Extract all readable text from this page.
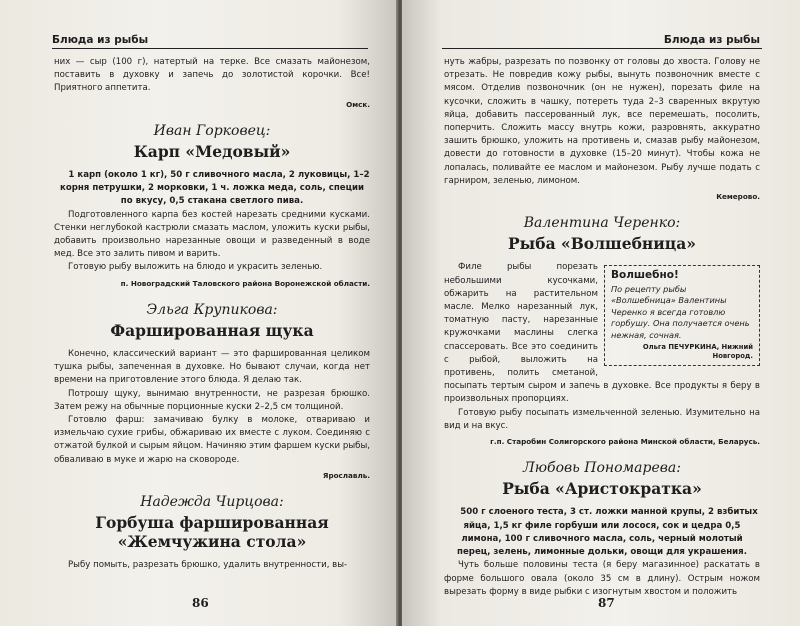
Блюда из рыбы

них — сыр (100 г), натертый на терке. Все смазать майонезом, поставить в духовку и запечь до золотистой корочки. Все! Приятного аппетита.

Омск.
Иван Горковец:
Карп «Медовый»

1 карп (около 1 кг), 50 г сливочного масла, 2 луковицы, 1–2 корня петрушки, 2 морковки, 1 ч. ложка меда, соль, специи по вкусу, 0,5 стакана светлого пива.

Подготовленного карпа без костей нарезать средними кусками. Стенки неглубокой кастрюли смазать маслом, уложить куски рыбы, добавить произвольно нарезанные овощи и разведенный в воде мед. Все это залить пивом и варить.

Готовую рыбу выложить на блюдо и украсить зеленью.

п. Новоградский Таловского района Воронежской области.
Эльга Крупикова:
Фаршированная щука

Конечно, классический вариант — это фаршированная целиком тушка рыбы, запеченная в духовке. Но бывают случаи, когда нет времени на приготовление этого блюда. Я делаю так.

Потрошу щуку, вынимаю внутренности, не разрезая брюшко. Затем режу на обычные порционные куски 2–2,5 см толщиной.

Готовлю фарш: замачиваю булку в молоке, отвариваю и измельчаю сухие грибы, обжариваю их вместе с луком. Соединяю с отжатой булкой и сырым яйцом. Начиняю этим фаршем куски рыбы, обваливаю в муке и жарю на сковороде.

Ярославль.
Надежда Чирцова:
Горбуша фаршированная «Жемчужина стола»

Рыбу помыть, разрезать брюшко, удалить внутренности, вы-

86
Блюда из рыбы

нуть жабры, разрезать по позвонку от головы до хвоста. Голову не отрезать. Не повредив кожу рыбы, вынуть позвоночник вместе с мясом. Отделив позвоночник (он не нужен), порезать филе на кусочки, сложить в чашку, потереть туда 2–3 сваренных вкрутую яйца, добавить пассерованный лук, все перемешать, посолить, поперчить. Сложить массу внутрь кожи, разровнять, аккуратно зашить брюшко, уложить на противень и, смазав рыбу майонезом, довести до готовности в духовке (15–20 минут). Чтобы кожа не лопалась, поливайте ее маслом и майонезом. Рыбу лучше подать с гарниром, зеленью, лимоном.

Кемерово.
Валентина Черенко:
Рыба «Волшебница»
Волшебно!
По рецепту рыбы «Волшебница» Валентины Черенко я всегда готовлю горбушу. Она получается очень нежная, сочная.
Ольга ПЕЧУРКИНА, Нижний Новгород.

Филе рыбы порезать небольшими кусочками, обжарить на растительном масле. Мелко нарезанный лук, томатную пасту, нарезанные кружочками маслины слегка спассеровать. Все это соединить с рыбой, выложить на противень, полить сметаной, посыпать тертым сыром и запечь в духовке. Все продукты я беру в произвольных пропорциях.

Готовую рыбу посыпать измельченной зеленью. Изумительно на вид и на вкус.

г.п. Старобин Солигорского района Минской области, Беларусь.
Любовь Пономарева:
Рыба «Аристократка»

500 г слоеного теста, 3 ст. ложки манной крупы, 2 взбитых яйца, 1,5 кг филе горбуши или лосося, сок и цедра 0,5 лимона, 100 г сливочного масла, соль, черный молотый перец, зелень, лимонные дольки, овощи для украшения.

Чуть больше половины теста (я беру магазинное) раскатать в форме большого овала (около 35 см в длину). Острым ножом вырезать форму в виде рыбки с изогнутым хвостом и положить

87
